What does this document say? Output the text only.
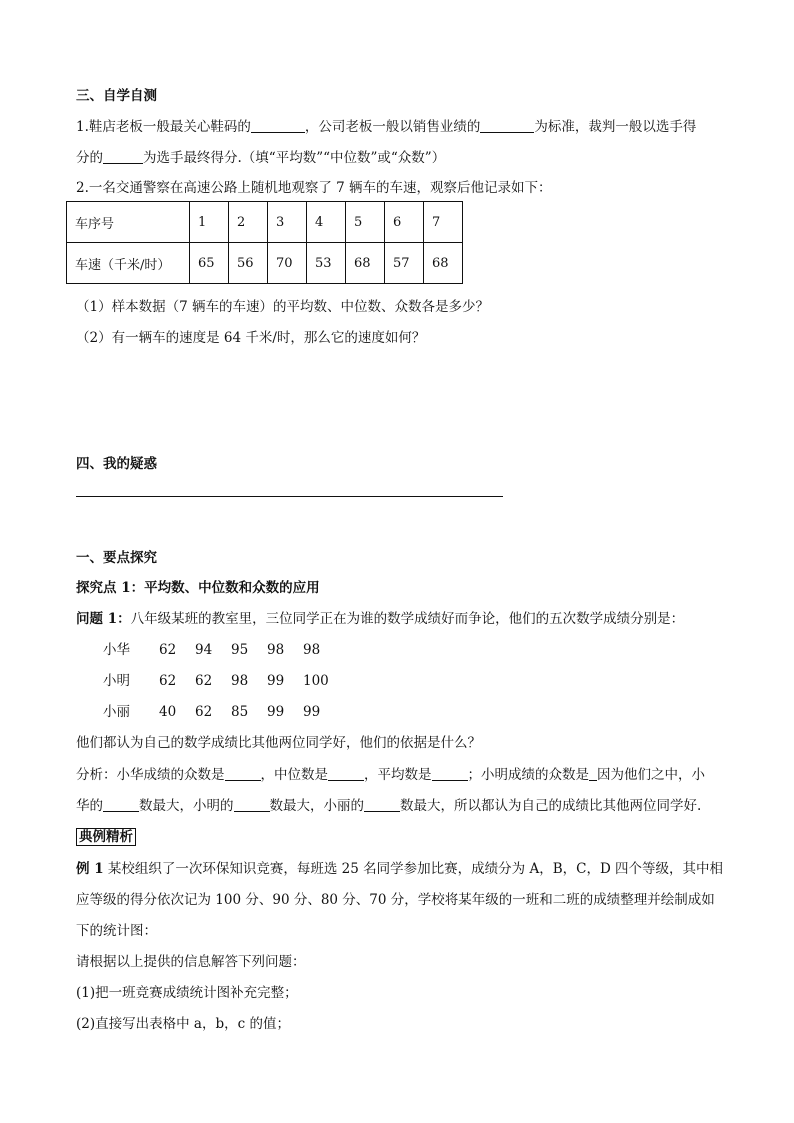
三、自学自测
1.鞋店老板一般最关心鞋码的	，公司老板一般以销售业绩的	为标准，裁判一般以选手得
分的	为选手最终得分.（填“平均数”“中位数”或“众数”）
2.一名交通警察在高速公路上随机地观察了 7 辆车的车速，观察后他记录如下：
车序号	1	2	3	4	5	6	7
车速（千米/时）	65	56	70	53	68	57	68
（1）样本数据（7 辆车的车速）的平均数、中位数、众数各是多少？
（2）有一辆车的速度是 64 千米/时，那么它的速度如何？
四、我的疑惑
一、要点探究
探究点 1：平均数、中位数和众数的应用
问题 1：八年级某班的教室里，三位同学正在为谁的数学成绩好而争论，他们的五次数学成绩分别是：
小华 62 94 95 98 98
小明 62 62 98 99 100
小丽 40 62 85 99 99
他们都认为自己的数学成绩比其他两位同学好，他们的依据是什么？
分析：小华成绩的众数是	，中位数是	，平均数是	；小明成绩的众数是 因为他们之中，小
华的	数最大，小明的	数最大，小丽的	数最大，所以都认为自己的成绩比其他两位同学好.
典例精析
例 1 某校组织了一次环保知识竞赛，每班选 25 名同学参加比赛，成绩分为 A，B，C，D 四个等级，其中相
应等级的得分依次记为 100 分、90 分、80 分、70 分，学校将某年级的一班和二班的成绩整理并绘制成如
下的统计图：
请根据以上提供的信息解答下列问题：
(1)把一班竞赛成绩统计图补充完整；
(2)直接写出表格中 a，b，c 的值；
